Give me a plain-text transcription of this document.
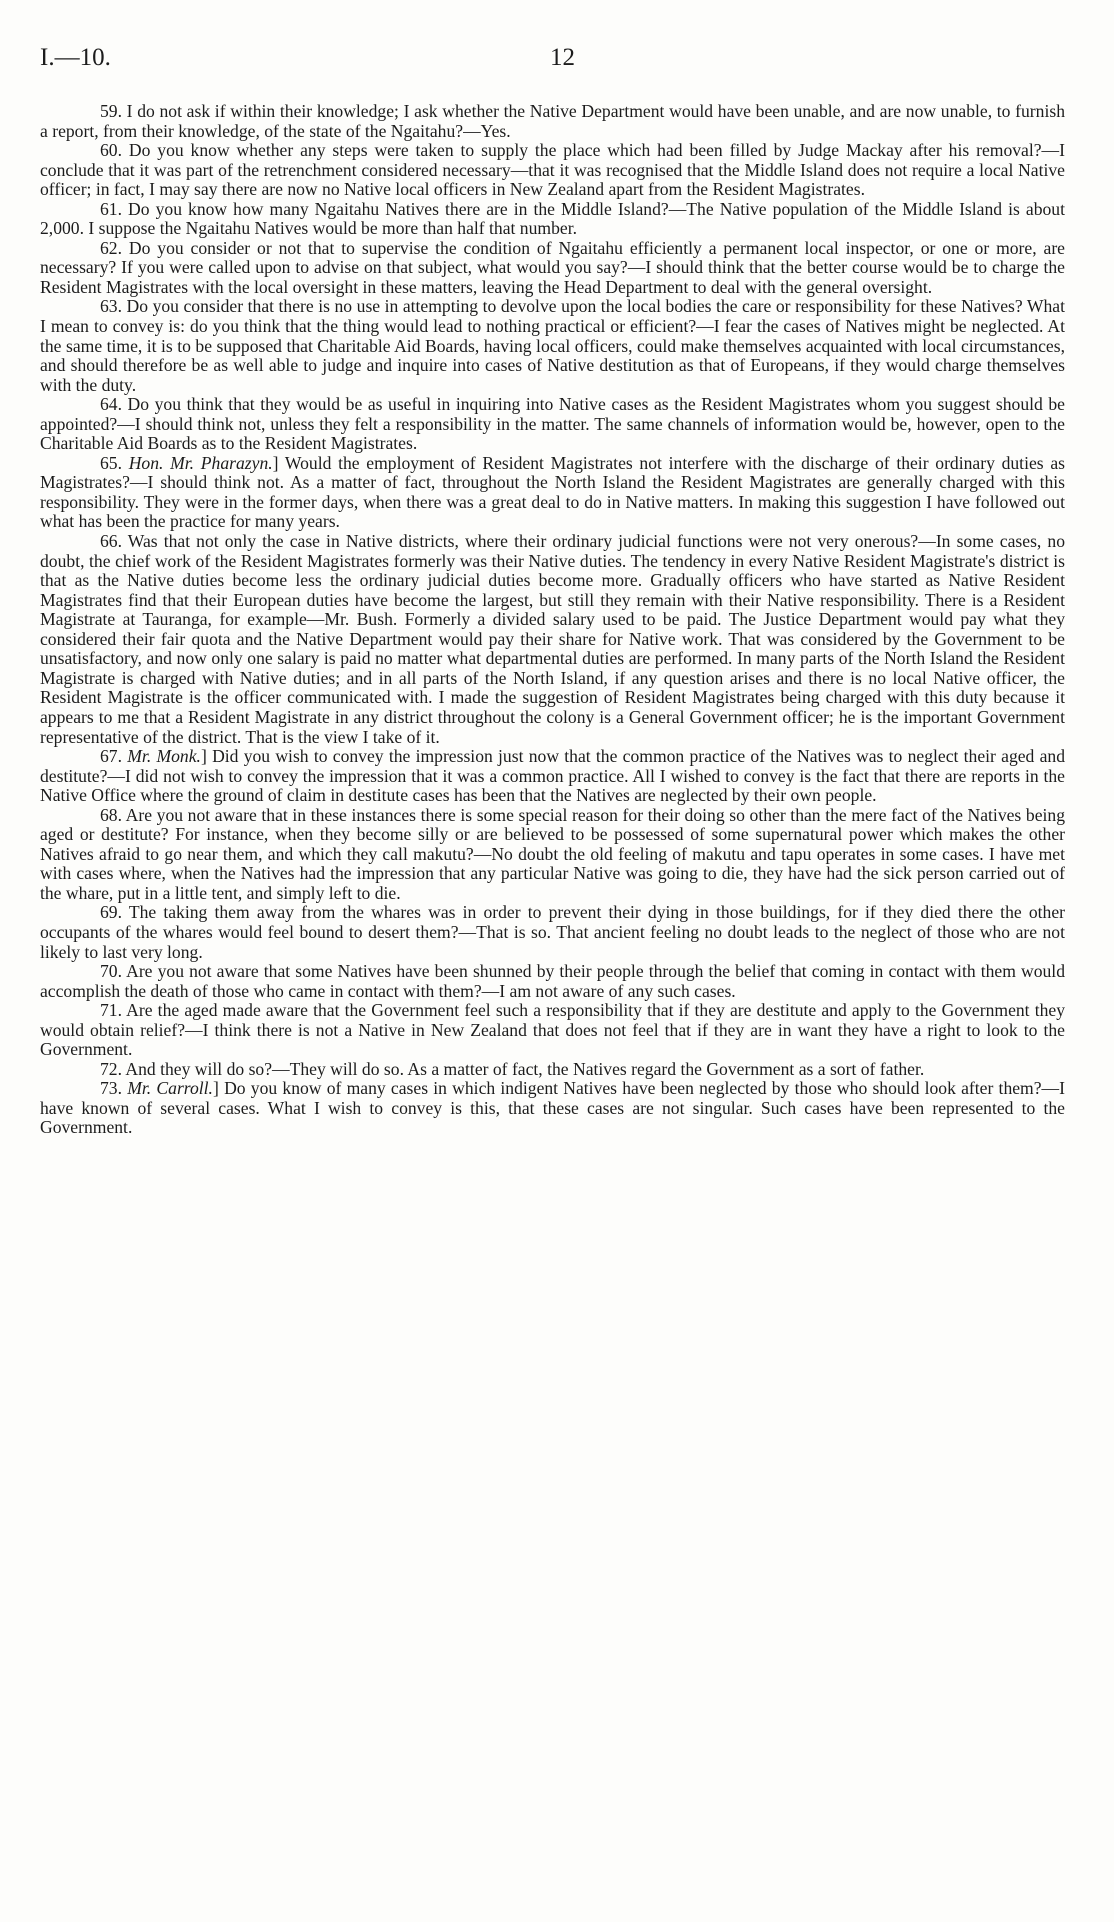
I.—10.	12

59. I do not ask if within their knowledge; I ask whether the Native Department would have been unable, and are now unable, to furnish a report, from their knowledge, of the state of the Ngaitahu?—Yes.

60. Do you know whether any steps were taken to supply the place which had been filled by Judge Mackay after his removal?—I conclude that it was part of the retrenchment considered necessary—that it was recognised that the Middle Island does not require a local Native officer; in fact, I may say there are now no Native local officers in New Zealand apart from the Resident Magistrates.

61. Do you know how many Ngaitahu Natives there are in the Middle Island?—The Native population of the Middle Island is about 2,000. I suppose the Ngaitahu Natives would be more than half that number.

62. Do you consider or not that to supervise the condition of Ngaitahu efficiently a permanent local inspector, or one or more, are necessary? If you were called upon to advise on that subject, what would you say?—I should think that the better course would be to charge the Resident Magistrates with the local oversight in these matters, leaving the Head Department to deal with the general oversight.

63. Do you consider that there is no use in attempting to devolve upon the local bodies the care or responsibility for these Natives? What I mean to convey is: do you think that the thing would lead to nothing practical or efficient?—I fear the cases of Natives might be neglected. At the same time, it is to be supposed that Charitable Aid Boards, having local officers, could make themselves acquainted with local circumstances, and should therefore be as well able to judge and inquire into cases of Native destitution as that of Europeans, if they would charge themselves with the duty.

64. Do you think that they would be as useful in inquiring into Native cases as the Resident Magistrates whom you suggest should be appointed?—I should think not, unless they felt a responsibility in the matter. The same channels of information would be, however, open to the Charitable Aid Boards as to the Resident Magistrates.

65. Hon. Mr. Pharazyn.] Would the employment of Resident Magistrates not interfere with the discharge of their ordinary duties as Magistrates?—I should think not. As a matter of fact, throughout the North Island the Resident Magistrates are generally charged with this responsibility. They were in the former days, when there was a great deal to do in Native matters. In making this suggestion I have followed out what has been the practice for many years.

66. Was that not only the case in Native districts, where their ordinary judicial functions were not very onerous?—In some cases, no doubt, the chief work of the Resident Magistrates formerly was their Native duties. The tendency in every Native Resident Magistrate's district is that as the Native duties become less the ordinary judicial duties become more. Gradually officers who have started as Native Resident Magistrates find that their European duties have become the largest, but still they remain with their Native responsibility. There is a Resident Magistrate at Tauranga, for example—Mr. Bush. Formerly a divided salary used to be paid. The Justice Department would pay what they considered their fair quota and the Native Department would pay their share for Native work. That was considered by the Government to be unsatisfactory, and now only one salary is paid no matter what departmental duties are performed. In many parts of the North Island the Resident Magistrate is charged with Native duties; and in all parts of the North Island, if any question arises and there is no local Native officer, the Resident Magistrate is the officer communicated with. I made the suggestion of Resident Magistrates being charged with this duty because it appears to me that a Resident Magistrate in any district throughout the colony is a General Government officer; he is the important Government representative of the district. That is the view I take of it.

67. Mr. Monk.] Did you wish to convey the impression just now that the common practice of the Natives was to neglect their aged and destitute?—I did not wish to convey the impression that it was a common practice. All I wished to convey is the fact that there are reports in the Native Office where the ground of claim in destitute cases has been that the Natives are neglected by their own people.

68. Are you not aware that in these instances there is some special reason for their doing so other than the mere fact of the Natives being aged or destitute? For instance, when they become silly or are believed to be possessed of some supernatural power which makes the other Natives afraid to go near them, and which they call makutu?—No doubt the old feeling of makutu and tapu operates in some cases. I have met with cases where, when the Natives had the impression that any particular Native was going to die, they have had the sick person carried out of the whare, put in a little tent, and simply left to die.

69. The taking them away from the whares was in order to prevent their dying in those buildings, for if they died there the other occupants of the whares would feel bound to desert them?—That is so. That ancient feeling no doubt leads to the neglect of those who are not likely to last very long.

70. Are you not aware that some Natives have been shunned by their people through the belief that coming in contact with them would accomplish the death of those who came in contact with them?—I am not aware of any such cases.

71. Are the aged made aware that the Government feel such a responsibility that if they are destitute and apply to the Government they would obtain relief?—I think there is not a Native in New Zealand that does not feel that if they are in want they have a right to look to the Government.

72. And they will do so?—They will do so. As a matter of fact, the Natives regard the Government as a sort of father.

73. Mr. Carroll.] Do you know of many cases in which indigent Natives have been neglected by those who should look after them?—I have known of several cases. What I wish to convey is this, that these cases are not singular. Such cases have been represented to the Government.
